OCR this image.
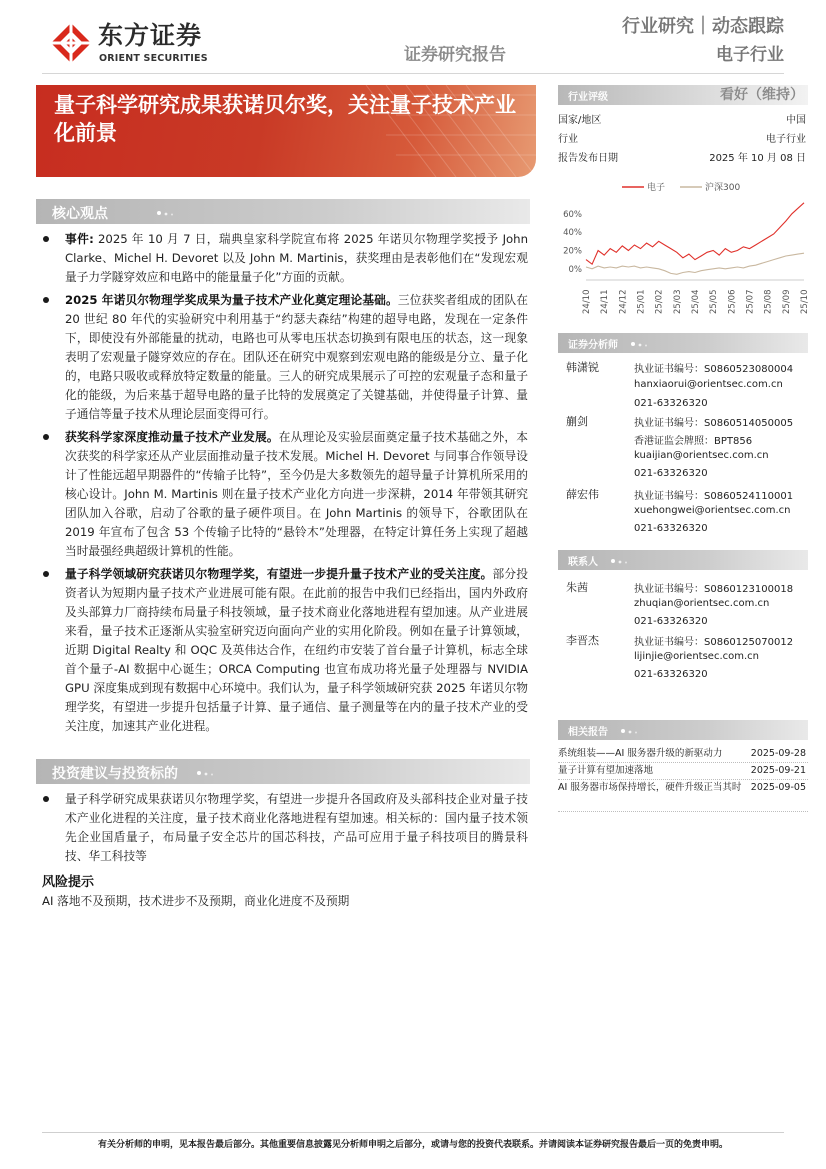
东方证券
ORIENT SECURITIES	证券研究报告
行业研究｜动态跟踪
电子行业
量子科学研究成果获诺贝尔奖，关注量子技术产业化前景
行业评级	看好（维持）
国家/地区	中国
行业	电子行业
报告发布日期	2025 年 10 月 08 日
电子	沪深300
60%
40%
20%
0%
24/10 24/11 24/12 25/01 25/02 25/03 25/04 25/05 25/06 25/07 25/08 25/09 25/10
核心观点
事件: 2025 年 10 月 7 日，瑞典皇家科学院宣布将 2025 年诺贝尔物理学奖授予 John Clarke、Michel H. Devoret 以及 John M. Martinis，获奖理由是表彰他们在“发现宏观量子力学隧穿效应和电路中的能量量子化”方面的贡献。
2025 年诺贝尔物理学奖成果为量子技术产业化奠定理论基础。三位获奖者组成的团队在 20 世纪 80 年代的实验研究中利用基于“约瑟夫森结”构建的超导电路，发现在一定条件下，即使没有外部能量的扰动，电路也可从零电压状态切换到有限电压的状态，这一现象表明了宏观量子隧穿效应的存在。团队还在研究中观察到宏观电路的能级是分立、量子化的，电路只吸收或释放特定数量的能量。三人的研究成果展示了可控的宏观量子态和量子化的能级，为后来基于超导电路的量子比特的发展奠定了关键基础，并使得量子计算、量子通信等量子技术从理论层面变得可行。
获奖科学家深度推动量子技术产业发展。在从理论及实验层面奠定量子技术基础之外，本次获奖的科学家还从产业层面推动量子技术发展。Michel H. Devoret 与同事合作领导设计了性能远超早期器件的“传输子比特”，至今仍是大多数领先的超导量子计算机所采用的核心设计。John M. Martinis 则在量子技术产业化方向进一步深耕，2014 年带领其研究团队加入谷歌，启动了谷歌的量子硬件项目。在 John Martinis 的领导下，谷歌团队在 2019 年宣布了包含 53 个传输子比特的“悬铃木”处理器，在特定计算任务上实现了超越当时最强经典超级计算机的性能。
量子科学领域研究获诺贝尔物理学奖，有望进一步提升量子技术产业的受关注度。部分投资者认为短期内量子技术产业进展可能有限。在此前的报告中我们已经指出，国内外政府及头部算力厂商持续布局量子科技领域，量子技术商业化落地进程有望加速。从产业进展来看，量子技术正逐渐从实验室研究迈向面向产业的实用化阶段。例如在量子计算领域，近期 Digital Realty 和 OQC 及英伟达合作，在纽约市安装了首台量子计算机，标志全球首个量子-AI 数据中心诞生；ORCA Computing 也宣布成功将光量子处理器与 NVIDIA GPU 深度集成到现有数据中心环境中。我们认为，量子科学领域研究获 2025 年诺贝尔物理学奖，有望进一步提升包括量子计算、量子通信、量子测量等在内的量子技术产业的受关注度，加速其产业化进程。
投资建议与投资标的
量子科学研究成果获诺贝尔物理学奖，有望进一步提升各国政府及头部科技企业对量子技术产业化进程的关注度，量子技术商业化落地进程有望加速。相关标的：国内量子技术领先企业国盾量子，布局量子安全芯片的国芯科技，产品可应用于量子科技项目的腾景科技、华工科技等
风险提示
AI 落地不及预期，技术进步不及预期，商业化进度不及预期
证券分析师
韩潇锐	执业证书编号：S0860523080004
hanxiaorui@orientsec.com.cn
021-63326320
蒯剑	执业证书编号：S0860514050005
香港证监会牌照：BPT856
kuaijian@orientsec.com.cn
021-63326320
薛宏伟	执业证书编号：S0860524110001
xuehongwei@orientsec.com.cn
021-63326320
联系人
朱茜	执业证书编号：S0860123100018
zhuqian@orientsec.com.cn
021-63326320
李晋杰	执业证书编号：S0860125070012
lijinjie@orientsec.com.cn
021-63326320
相关报告
系统组装——AI 服务器升级的新驱动力	2025-09-28
量子计算有望加速落地	2025-09-21
AI 服务器市场保持增长，硬件升级正当其时 2025-09-05
有关分析师的申明，见本报告最后部分。其他重要信息披露见分析师申明之后部分，或请与您的投资代表联系。并请阅读本证券研究报告最后一页的免责申明。
